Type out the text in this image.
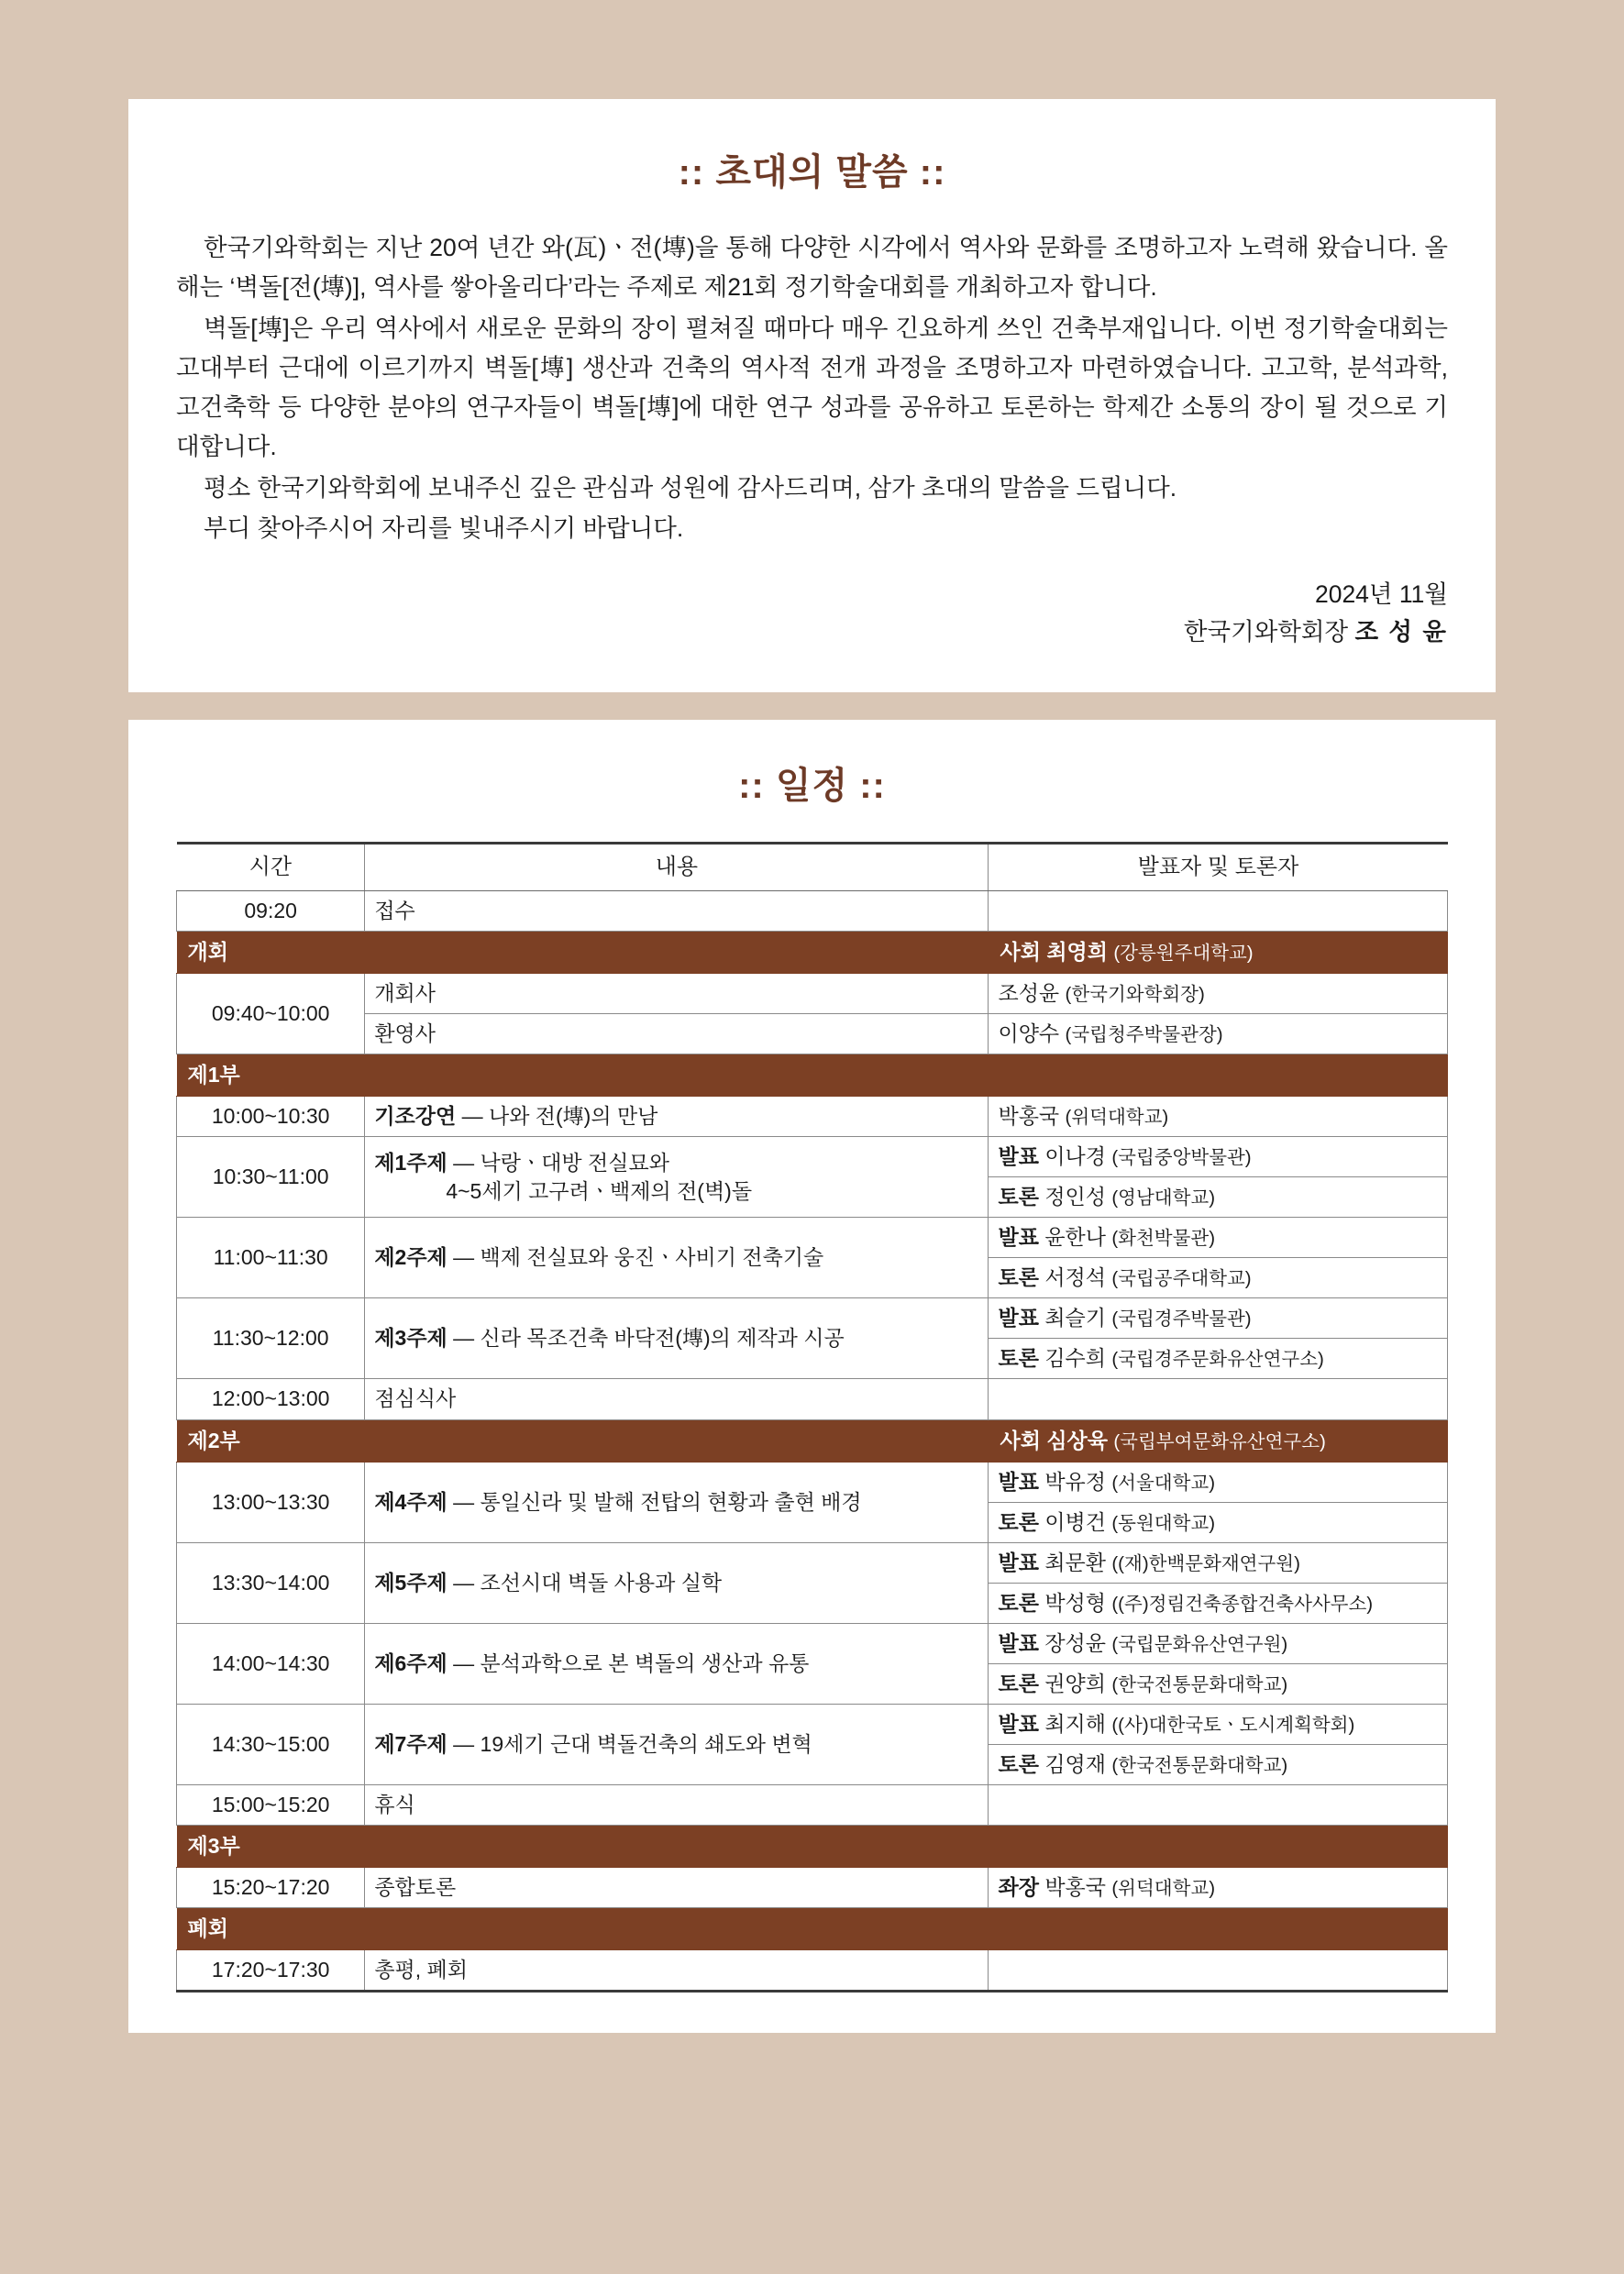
:: 초대의 말씀 ::

한국기와학회는 지난 20여 년간 와(瓦)ㆍ전(塼)을 통해 다양한 시각에서 역사와 문화를 조명하고자 노력해 왔습니다. 올해는 ‘벽돌[전(塼)], 역사를 쌓아올리다’라는 주제로 제21회 정기학술대회를 개최하고자 합니다.

벽돌[塼]은 우리 역사에서 새로운 문화의 장이 펼쳐질 때마다 매우 긴요하게 쓰인 건축부재입니다. 이번 정기학술대회는 고대부터 근대에 이르기까지 벽돌[塼] 생산과 건축의 역사적 전개 과정을 조명하고자 마련하였습니다. 고고학, 분석과학, 고건축학 등 다양한 분야의 연구자들이 벽돌[塼]에 대한 연구 성과를 공유하고 토론하는 학제간 소통의 장이 될 것으로 기대합니다.

평소 한국기와학회에 보내주신 깊은 관심과 성원에 감사드리며, 삼가 초대의 말씀을 드립니다.

부디 찾아주시어 자리를 빛내주시기 바랍니다.

2024년 11월
한국기와학회장 조 성 윤
:: 일정 ::
시간	내용	발표자 및 토론자
09:20	접수	
개회		사회 최영희 (강릉원주대학교)
09:40~10:00	개회사	조성윤 (한국기와학회장)
	환영사	이양수 (국립청주박물관장)
제1부		
10:00~10:30	기조강연 — 나와 전(塼)의 만남	박홍국 (위덕대학교)
10:30~11:00	제1주제 — 낙랑ㆍ대방 전실묘와
4~5세기 고구려ㆍ백제의 전(벽)돌	발표 이나경 (국립중앙박물관)
		토론 정인성 (영남대학교)
11:00~11:30	제2주제 — 백제 전실묘와 웅진ㆍ사비기 전축기술	발표 윤한나 (화천박물관)
		토론 서정석 (국립공주대학교)
11:30~12:00	제3주제 — 신라 목조건축 바닥전(塼)의 제작과 시공	발표 최슬기 (국립경주박물관)
		토론 김수희 (국립경주문화유산연구소)
12:00~13:00	점심식사	
제2부		사회 심상육 (국립부여문화유산연구소)
13:00~13:30	제4주제 — 통일신라 및 발해 전탑의 현황과 출현 배경	발표 박유정 (서울대학교)
		토론 이병건 (동원대학교)
13:30~14:00	제5주제 — 조선시대 벽돌 사용과 실학	발표 최문환 ((재)한백문화재연구원)
		토론 박성형 ((주)정림건축종합건축사사무소)
14:00~14:30	제6주제 — 분석과학으로 본 벽돌의 생산과 유통	발표 장성윤 (국립문화유산연구원)
		토론 권양희 (한국전통문화대학교)
14:30~15:00	제7주제 — 19세기 근대 벽돌건축의 쇄도와 변혁	발표 최지해 ((사)대한국토ㆍ도시계획학회)
		토론 김영재 (한국전통문화대학교)
15:00~15:20	휴식	
제3부		
15:20~17:20	종합토론	좌장 박홍국 (위덕대학교)
폐회		
17:20~17:30	총평, 폐회	
